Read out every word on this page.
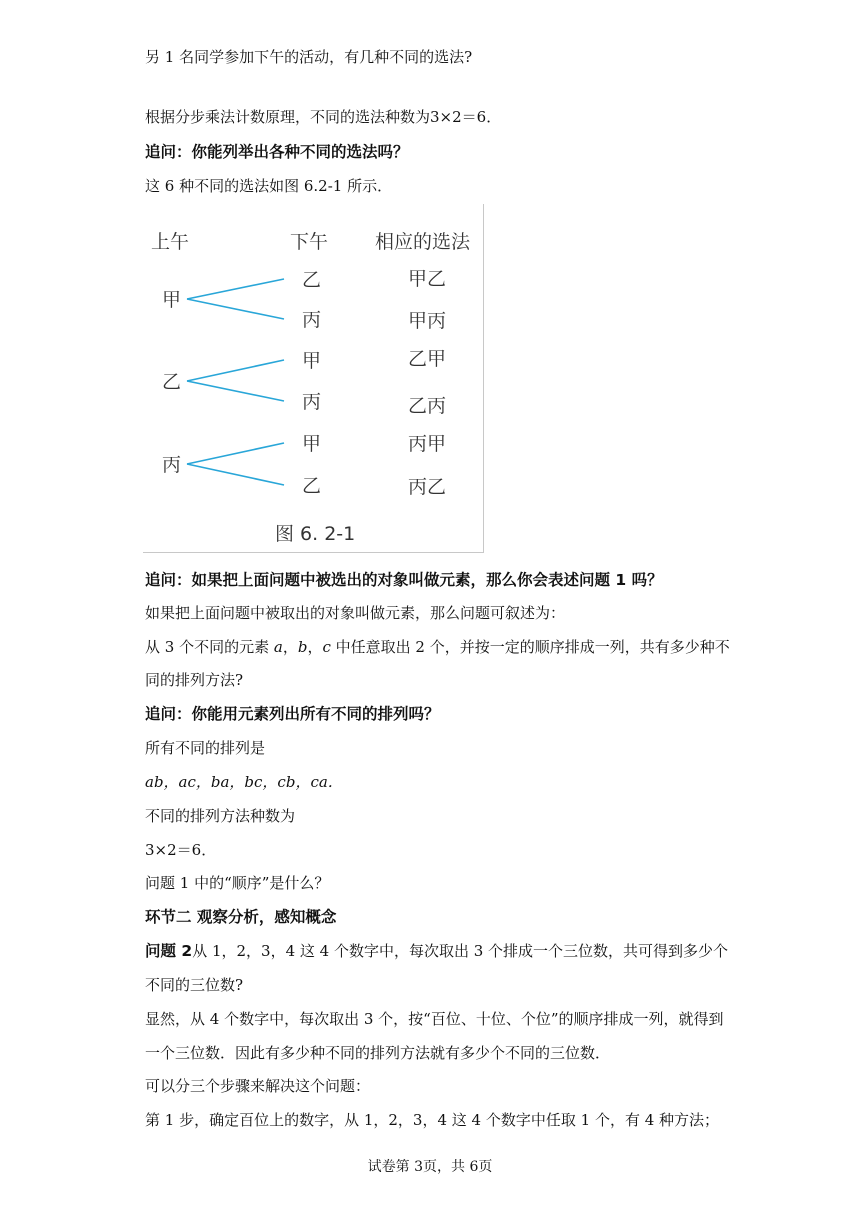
另 1 名同学参加下午的活动，有几种不同的选法?
根据分步乘法计数原理，不同的选法种数为3×2＝6．
追问：你能列举出各种不同的选法吗？
这 6 种不同的选法如图 6.2-1 所示．
上午	下午 相应的选法
甲
乙
丙
乙
丙
甲
丙
甲
乙
甲乙
甲丙
乙甲
乙丙
丙甲
丙乙
图 6. 2-1
追问：如果把上面问题中被选出的对象叫做元素，那么你会表述问题 1 吗？
如果把上面问题中被取出的对象叫做元素，那么问题可叙述为：
从 3 个不同的元素 a，b，c 中任意取出 2 个，并按一定的顺序排成一列，共有多少种不
同的排列方法?
追问：你能用元素列出所有不同的排列吗？
所有不同的排列是
ab，ac，ba，bc，cb，ca．
不同的排列方法种数为
3×2＝6．
问题 1 中的“顺序”是什么？
环节二 观察分析，感知概念
问题 2从 1，2，3，4 这 4 个数字中，每次取出 3 个排成一个三位数，共可得到多少个
不同的三位数?
显然，从 4 个数字中，每次取出 3 个，按“百位、十位、个位”的顺序排成一列，就得到
一个三位数．因此有多少种不同的排列方法就有多少个不同的三位数．
可以分三个步骤来解决这个问题：
第 1 步，确定百位上的数字，从 1，2，3，4 这 4 个数字中任取 1 个，有 4 种方法；
试卷第 3页，共 6页
